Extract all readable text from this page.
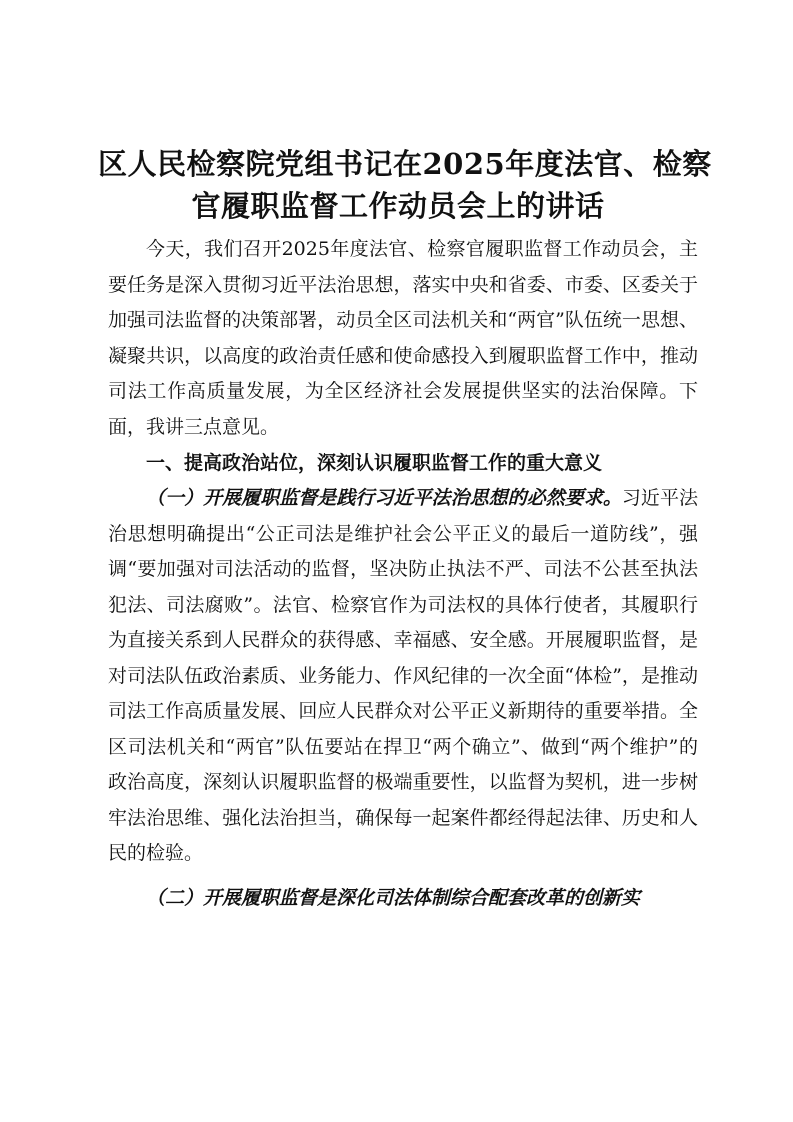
区人民检察院党组书记在2025年度法官、检察
官履职监督工作动员会上的讲话

今天，我们召开2025年度法官、检察官履职监督工作动员会，主要任务是深入贯彻习近平法治思想，落实中央和省委、市委、区委关于加强司法监督的决策部署，动员全区司法机关和“两官”队伍统一思想、凝聚共识，以高度的政治责任感和使命感投入到履职监督工作中，推动司法工作高质量发展，为全区经济社会发展提供坚实的法治保障。下面，我讲三点意见。

一、提高政治站位，深刻认识履职监督工作的重大意义

（一）开展履职监督是践行习近平法治思想的必然要求。习近平法治思想明确提出“公正司法是维护社会公平正义的最后一道防线”，强调“要加强对司法活动的监督，坚决防止执法不严、司法不公甚至执法犯法、司法腐败”。法官、检察官作为司法权的具体行使者，其履职行为直接关系到人民群众的获得感、幸福感、安全感。开展履职监督，是对司法队伍政治素质、业务能力、作风纪律的一次全面“体检”，是推动司法工作高质量发展、回应人民群众对公平正义新期待的重要举措。全区司法机关和“两官”队伍要站在捍卫“两个确立”、做到“两个维护”的政治高度，深刻认识履职监督的极端重要性，以监督为契机，进一步树牢法治思维、强化法治担当，确保每一起案件都经得起法律、历史和人民的检验。

（二）开展履职监督是深化司法体制综合配套改革的创新实
